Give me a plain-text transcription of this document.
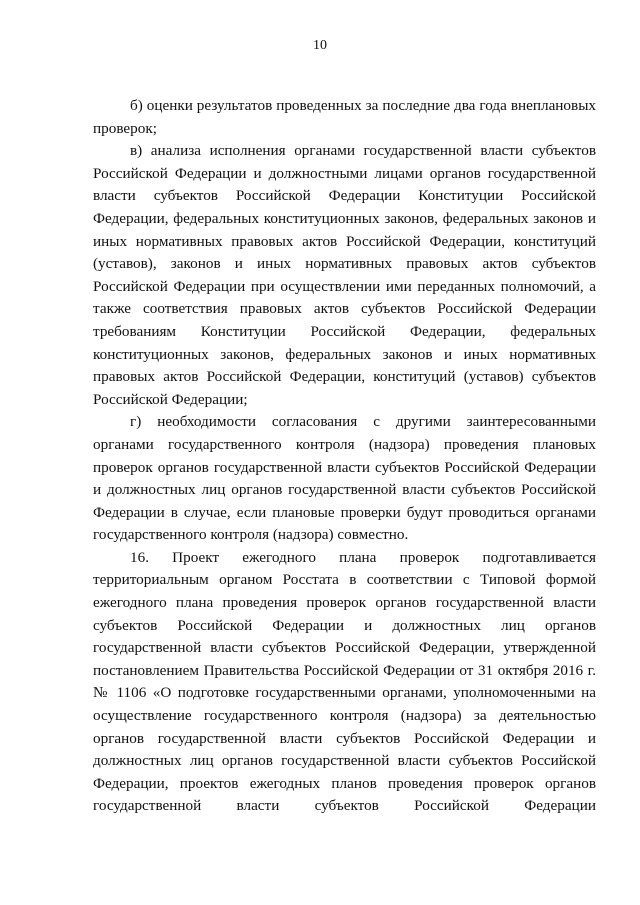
10

б) оценки результатов проведенных за последние два года внеплановых проверок;

в) анализа исполнения органами государственной власти субъектов Российской Федерации и должностными лицами органов государственной власти субъектов Российской Федерации Конституции Российской Федерации, федеральных конституционных законов, федеральных законов и иных нормативных правовых актов Российской Федерации, конституций (уставов), законов и иных нормативных правовых актов субъектов Российской Федерации при осуществлении ими переданных полномочий, а также соответствия правовых актов субъектов Российской Федерации требованиям Конституции Российской Федерации, федеральных конституционных законов, федеральных законов и иных нормативных правовых актов Российской Федерации, конституций (уставов) субъектов Российской Федерации;

г) необходимости согласования с другими заинтересованными органами государственного контроля (надзора) проведения плановых проверок органов государственной власти субъектов Российской Федерации и должностных лиц органов государственной власти субъектов Российской Федерации в случае, если плановые проверки будут проводиться органами государственного контроля (надзора) совместно.

16. Проект ежегодного плана проверок подготавливается территориальным органом Росстата в соответствии с Типовой формой ежегодного плана проведения проверок органов государственной власти субъектов Российской Федерации и должностных лиц органов государственной власти субъектов Российской Федерации, утвержденной постановлением Правительства Российской Федерации от 31 октября 2016 г. № 1106 «О подготовке государственными органами, уполномоченными на осуществление государственного контроля (надзора) за деятельностью органов государственной власти субъектов Российской Федерации и должностных лиц органов государственной власти субъектов Российской Федерации, проектов ежегодных планов проведения проверок органов государственной власти субъектов Российской Федерации
